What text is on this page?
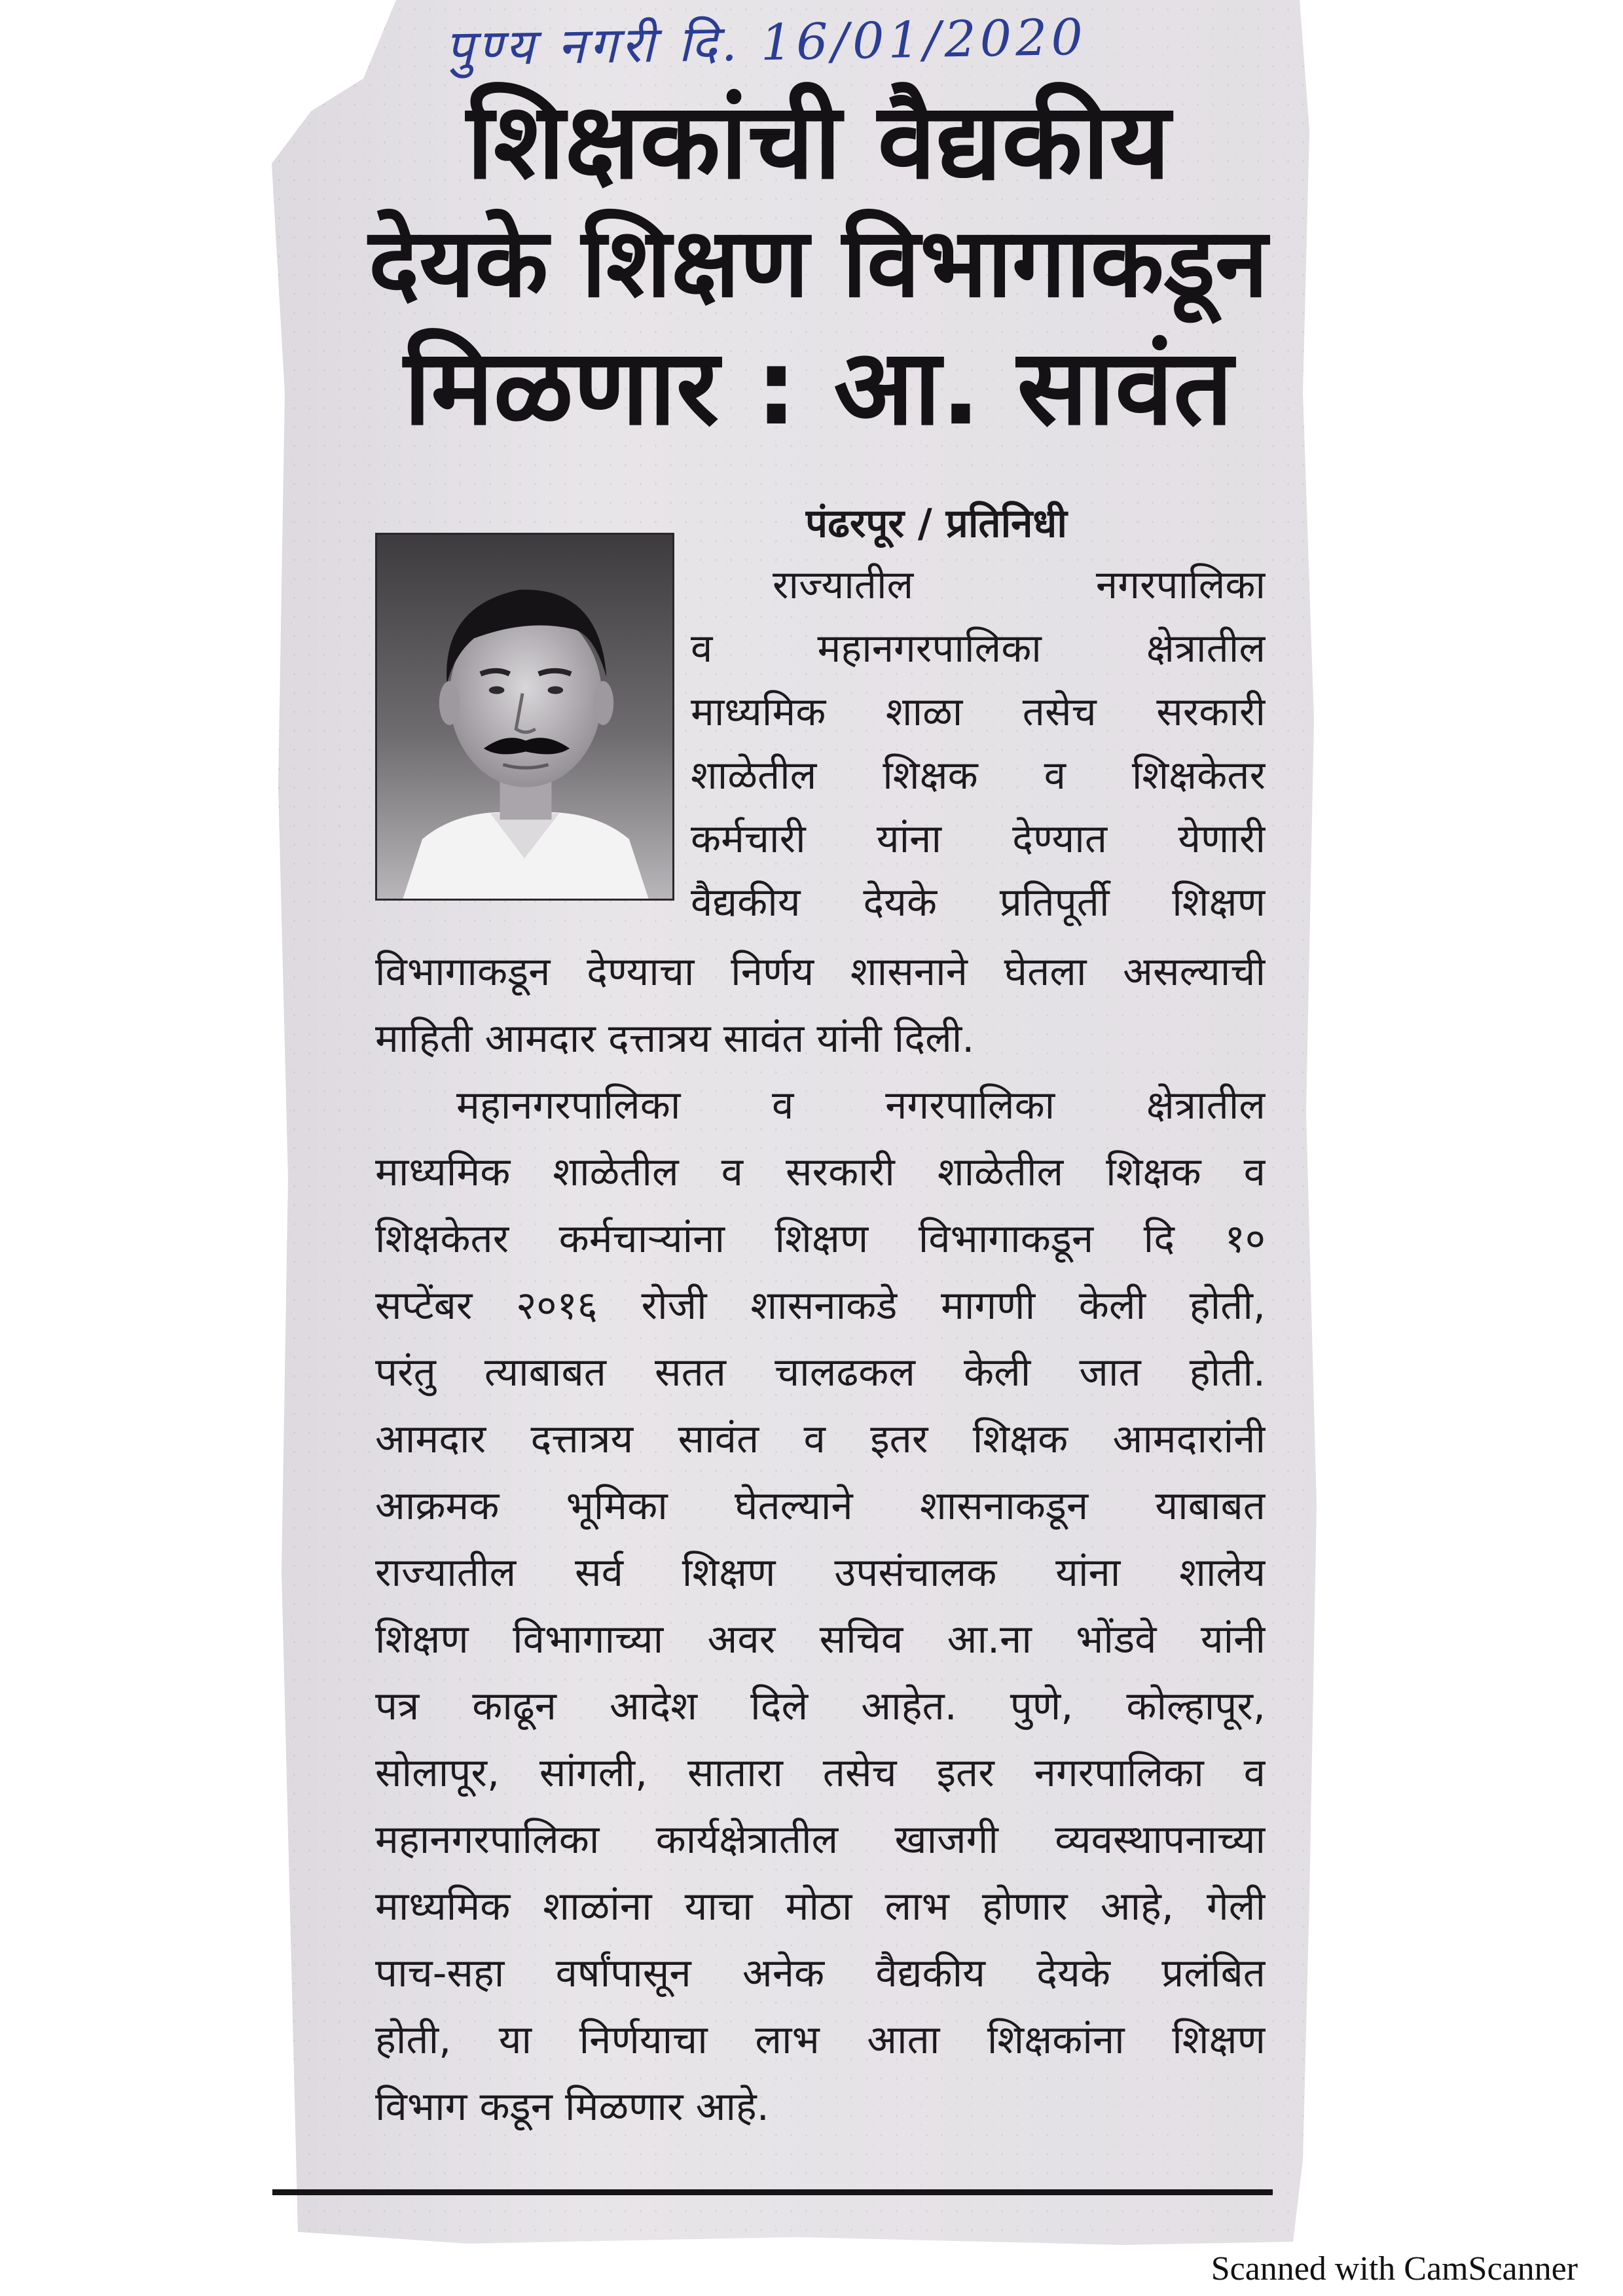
पुण्य नगरी दि. 16/01/2020
शिक्षकांची वैद्यकीय
देयके शिक्षण विभागाकडून
मिळणार : आ. सावंत
पंढरपूर / प्रतिनिधी
राज्यातील नगरपालिका
व महानगरपालिका क्षेत्रातील
माध्यमिक शाळा तसेच सरकारी
शाळेतील शिक्षक व शिक्षकेतर
कर्मचारी यांना देण्यात येणारी
वैद्यकीय देयके प्रतिपूर्ती शिक्षण
विभागाकडून देण्याचा निर्णय शासनाने घेतला असल्याची
माहिती आमदार दत्तात्रय सावंत यांनी दिली.
महानगरपालिका व नगरपालिका क्षेत्रातील
माध्यमिक शाळेतील व सरकारी शाळेतील शिक्षक व
शिक्षकेतर कर्मचाऱ्यांना शिक्षण विभागाकडून दि १०
सप्टेंबर २०१६ रोजी शासनाकडे मागणी केली होती,
परंतु त्याबाबत सतत चालढकल केली जात होती.
आमदार दत्तात्रय सावंत व इतर शिक्षक आमदारांनी
आक्रमक भूमिका घेतल्याने शासनाकडून याबाबत
राज्यातील सर्व शिक्षण उपसंचालक यांना शालेय
शिक्षण विभागाच्या अवर सचिव आ.ना भोंडवे यांनी
पत्र काढून आदेश दिले आहेत. पुणे, कोल्हापूर,
सोलापूर, सांगली, सातारा तसेच इतर नगरपालिका व
महानगरपालिका कार्यक्षेत्रातील खाजगी व्यवस्थापनाच्या
माध्यमिक शाळांना याचा मोठा लाभ होणार आहे, गेली
पाच-सहा वर्षांपासून अनेक वैद्यकीय देयके प्रलंबित
होती, या निर्णयाचा लाभ आता शिक्षकांना शिक्षण
विभाग कडून मिळणार आहे.
Scanned with CamScanner
